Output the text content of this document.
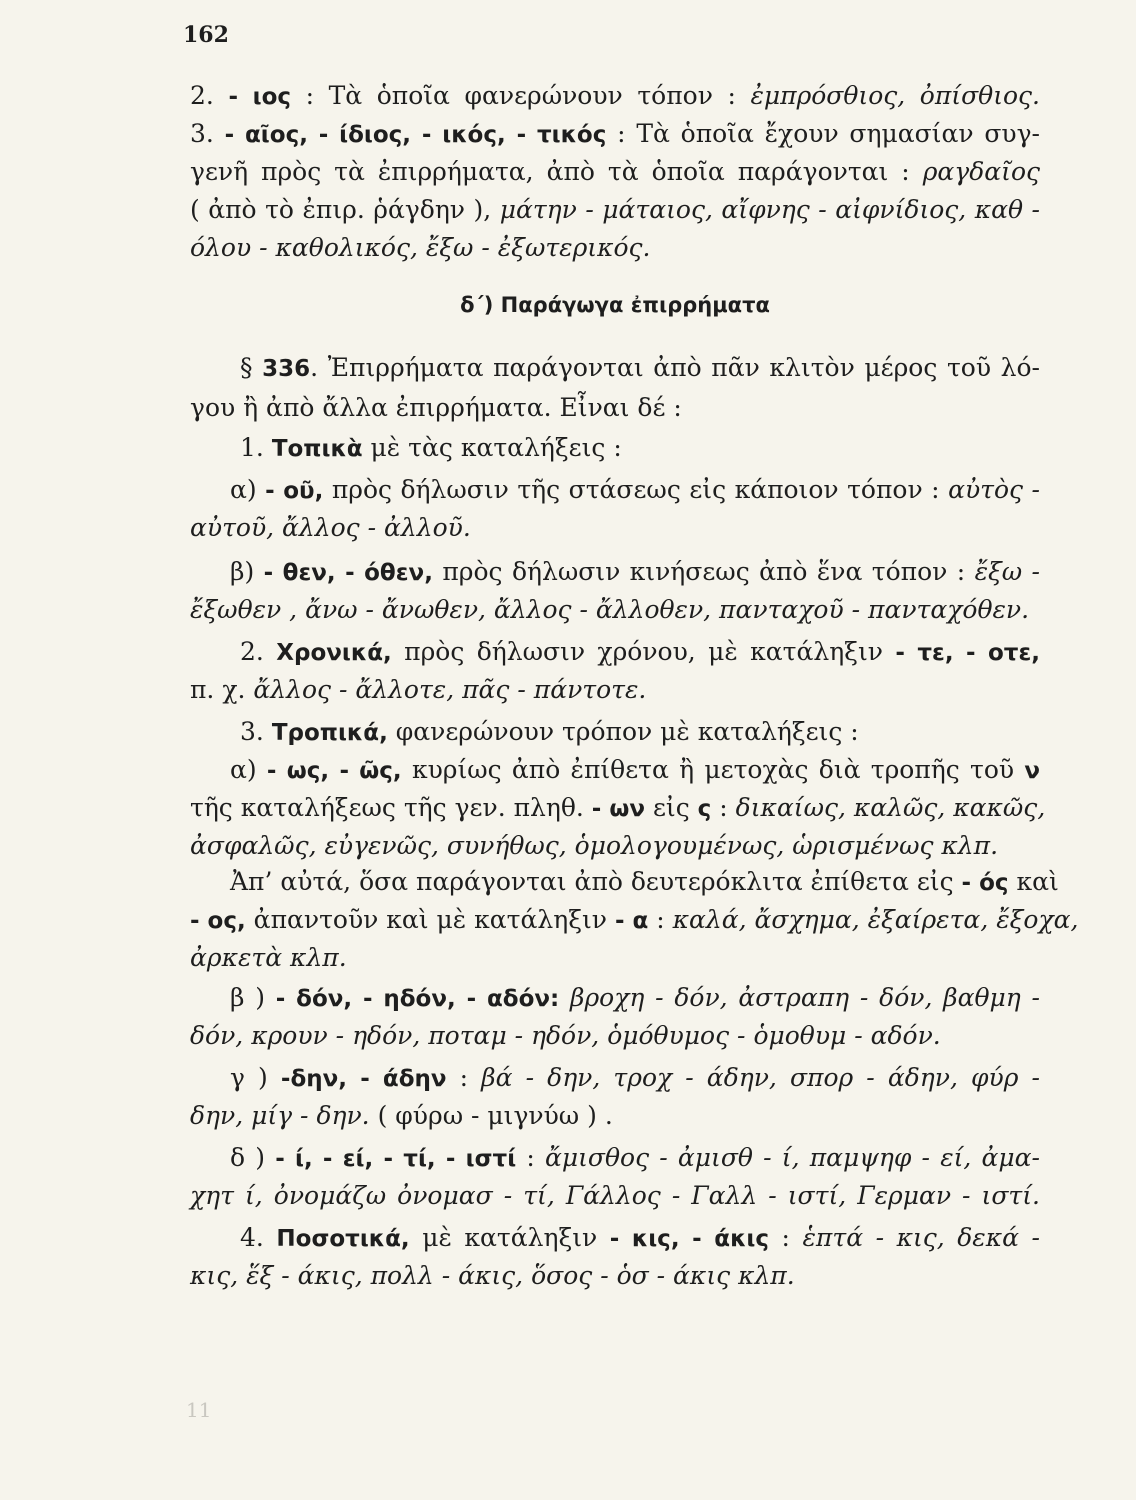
162
δ΄) Παράγωγα ἐπιρρήματα
2. - ιος : Τὰ ὁποῖα φανερώνουν τόπον : ἐμπρόσθιος, ὀπίσθιος.
3. - αῖος, - ίδιος, - ικός, - τικός : Τὰ ὁποῖα ἔχουν σημασίαν συγ-
γενῆ πρὸς τὰ ἐπιρρήματα, ἀπὸ τὰ ὁποῖα παράγονται : ραγδαῖος
( ἀπὸ τὸ ἐπιρ. ῥάγδην ), μάτην - μάταιος, αἴφνης - αἰφνίδιος, καθ -
όλου - καθολικός, ἔξω - ἐξωτερικός.
§ 336. Ἐπιρρήματα παράγονται ἀπὸ πᾶν κλιτὸν μέρος τοῦ λό-
γου ἢ ἀπὸ ἄλλα ἐπιρρήματα. Εἶναι δέ :
1. Τοπικὰ μὲ τὰς καταλήξεις :
α) - οῦ, πρὸς δήλωσιν τῆς στάσεως εἰς κάποιον τόπον : αὐτὸς -
αὐτοῦ, ἄλλος - ἀλλοῦ.
β) - θεν, - όθεν, πρὸς δήλωσιν κινήσεως ἀπὸ ἕνα τόπον : ἔξω -
ἔξωθεν , ἄνω - ἄνωθεν, ἄλλος - ἄλλοθεν, πανταχοῦ - πανταχόθεν.
2. Χρονικά, πρὸς δήλωσιν χρόνου, μὲ κατάληξιν - τε, - οτε,
π. χ. ἄλλος - ἄλλοτε, πᾶς - πάντοτε.
3. Τροπικά, φανερώνουν τρόπον μὲ καταλήξεις :
α) - ως, - ῶς, κυρίως ἀπὸ ἐπίθετα ἢ μετοχὰς διὰ τροπῆς τοῦ ν
τῆς καταλήξεως τῆς γεν. πληθ. - ων εἰς ς : δικαίως, καλῶς, κακῶς,
ἀσφαλῶς, εὐγενῶς, συνήθως, ὁμολογουμένως, ὡρισμένως κλπ.
Ἀπ’ αὐτά, ὅσα παράγονται ἀπὸ δευτερόκλιτα ἐπίθετα εἰς - ός καὶ
- ος, ἀπαντοῦν καὶ μὲ κατάληξιν - α : καλά, ἄσχημα, ἐξαίρετα, ἔξοχα,
ἀρκετὰ κλπ.
β ) - δόν, - ηδόν, - αδόν: βροχη - δόν, ἀστραπη - δόν, βαθμη -
δόν, κρουν - ηδόν, ποταμ - ηδόν, ὁμόθυμος - ὁμοθυμ - αδόν.
γ ) -δην, - άδην : βά - δην, τροχ - άδην, σπορ - άδην, φύρ -
δην, μίγ - δην. ( φύρω - μιγνύω ) .
δ ) - ί, - εί, - τί, - ιστί : ἄμισθος - ἀμισθ - ί, παμψηφ - εί, ἀμα-
χητ ί, ὀνομάζω ὀνομασ - τί, Γάλλος - Γαλλ - ιστί, Γερμαν - ιστί.
4. Ποσοτικά, μὲ κατάληξιν - κις, - άκις : ἑπτά - κις, δεκά -
κις, ἕξ - άκις, πολλ - άκις, ὅσος - ὁσ - άκις κλπ.
11
